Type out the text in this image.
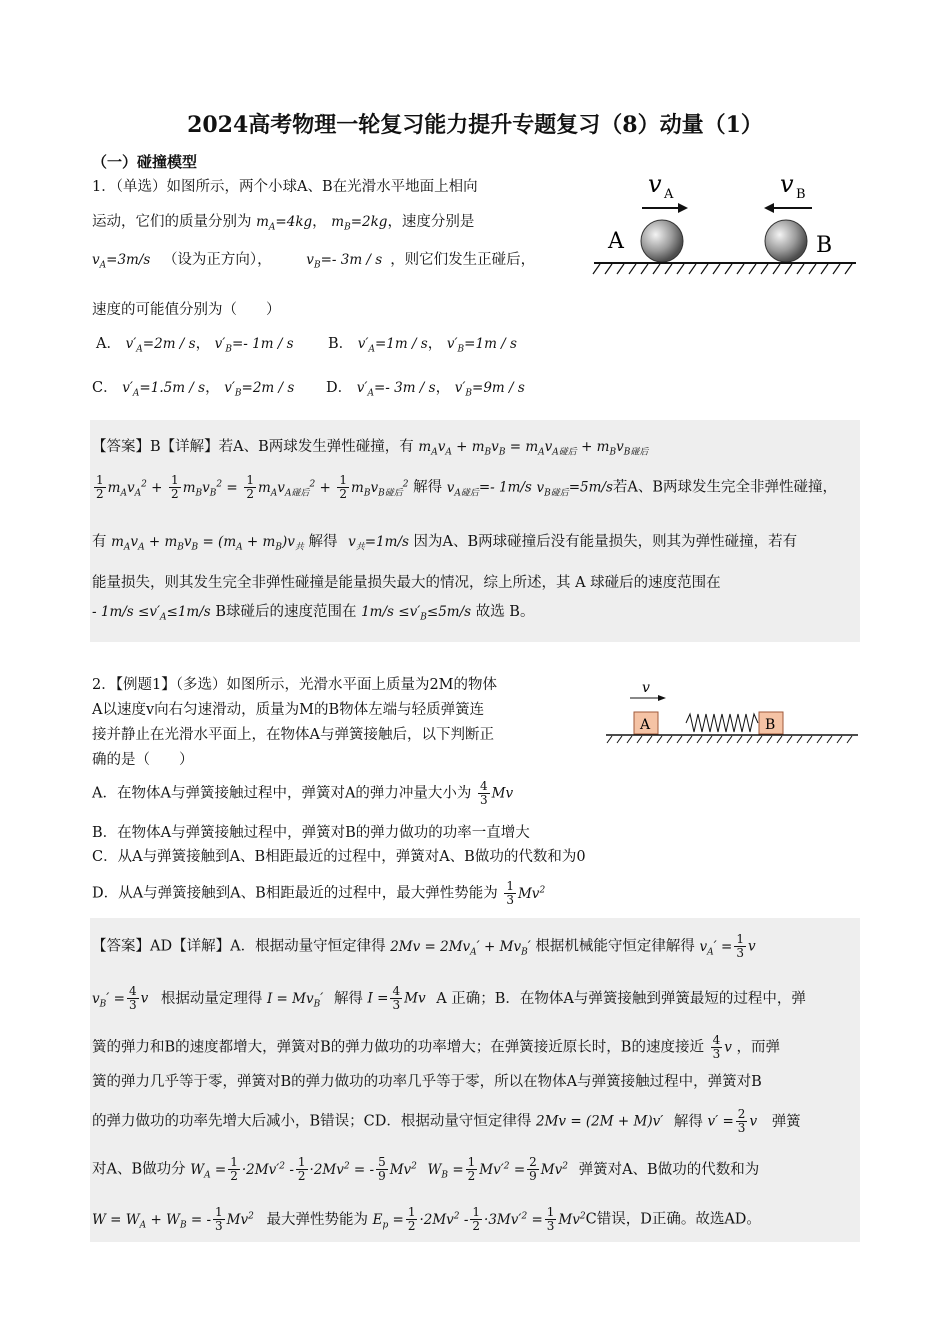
2024高考物理一轮复习能力提升专题复习（8）动量（1）
（一）碰撞模型
1．（单选）如图所示，两个小球A、B在光滑水平地面上相向
运动，它们的质量分别为 $m_A=4kg$， $m_B=2kg$，速度分别是
$v_A=3m/s$ （设为正方向），	$v_B=-$ 3m / s ，则它们发生正碰后，
速度的可能值分别为（　　）
A． $v'_A=2m / s$， $v'_B=-$ 1m / s B． $v'_A=1m / s$， $v'_B=1m / s$
C． $v'_A=1.5m / s$， $v'_B=2m / s$ D． $v'_A=-$ 3m / s， $v'_B=9m / s$
v A	v B
A	B
【答案】B【详解】若A、B两球发生弹性碰撞，有 $m_Av_A + m_Bv_B = m_Av_{A碰后} + m_Bv_{B碰后}$
$\frac{1}{2} m_Av_A^2 + \frac{1}{2} m_Bv_B^2 = \frac{1}{2} m_Av_{A碰后}^2 + \frac{1}{2} m_Bv_{B碰后}^2$ 解得 $v_{A碰后}=-$ 1m/s $v_{B碰后}=5m/s$若A、B两球发生完全非弹性碰撞，
有 $m_Av_A + m_Bv_B = (m_A + m_B)v_共$ 解得 $v_共=1m/s$ 因为A、B两球碰撞后没有能量损失，则其为弹性碰撞，若有
能量损失，则其发生完全非弹性碰撞是能量损失最大的情况，综上所述，其 A 球碰后的速度范围在
- $1m/s \le v'_A\le 1m/s$ B球碰后的速度范围在 $1m/s \le v'_B\le 5m/s$ 故选 B。
2．【例题1】（多选）如图所示，光滑水平面上质量为2M的物体
A以速度v向右匀速滑动，质量为M的B物体左端与轻质弹簧连
接并静止在光滑水平面上，在物体A与弹簧接触后，以下判断正
确的是（　　）
v
A	B
A．在物体A与弹簧接触过程中，弹簧对A的弹力冲量大小为 $\frac{4}{3}$ Mv
B．在物体A与弹簧接触过程中，弹簧对B的弹力做功的功率一直增大
C．从A与弹簧接触到A、B相距最近的过程中，弹簧对A、B做功的代数和为0
D．从A与弹簧接触到A、B相距最近的过程中，最大弹性势能为 $\frac{1}{3} Mv^2$
【答案】AD【详解】A．根据动量守恒定律得 $2Mv = 2Mv_A' + Mv_B'$ 根据机械能守恒定律解得 $v_A' = \frac{1}{3}$ v
$v_B' = \frac{4}{3}$ v 根据动量定理得 $I = Mv_B'$ 解得 $I = \frac{4}{3}$ Mv A 正确；B．在物体A与弹簧接触到弹簧最短的过程中，弹
簧的弹力和B的速度都增大，弹簧对B的弹力做功的功率增大；在弹簧接近原长时，B的速度接近 $\frac{4}{3}$ v ，而弹
簧的弹力几乎等于零，弹簧对B的弹力做功的功率几乎等于零，所以在物体A与弹簧接触过程中，弹簧对B
的弹力做功的功率先增大后减小，B错误；CD．根据动量守恒定律得 2Mv = (2M + M)v′ 解得 $v' = \frac{2}{3}$ v 弹簧
对A、B做功分 $W_A = \frac{1}{2} \cdot 2Mv'^2 - \frac{1}{2} \cdot 2Mv^2$ = - $\frac{5}{9} Mv^2$ $W_B = \frac{1}{2} Mv'^2 = \frac{2}{9} Mv^2$ 弹簧对A、B做功的代数和为
$W = W_A + W_B$ = - $\frac{1}{3} Mv^2$ 最大弹性势能为 $E_p = \frac{1}{2} \cdot 2Mv^2 - \frac{1}{2} \cdot 3Mv'^2 = \frac{1}{3} Mv^2C$错误，D正确。故选AD。
